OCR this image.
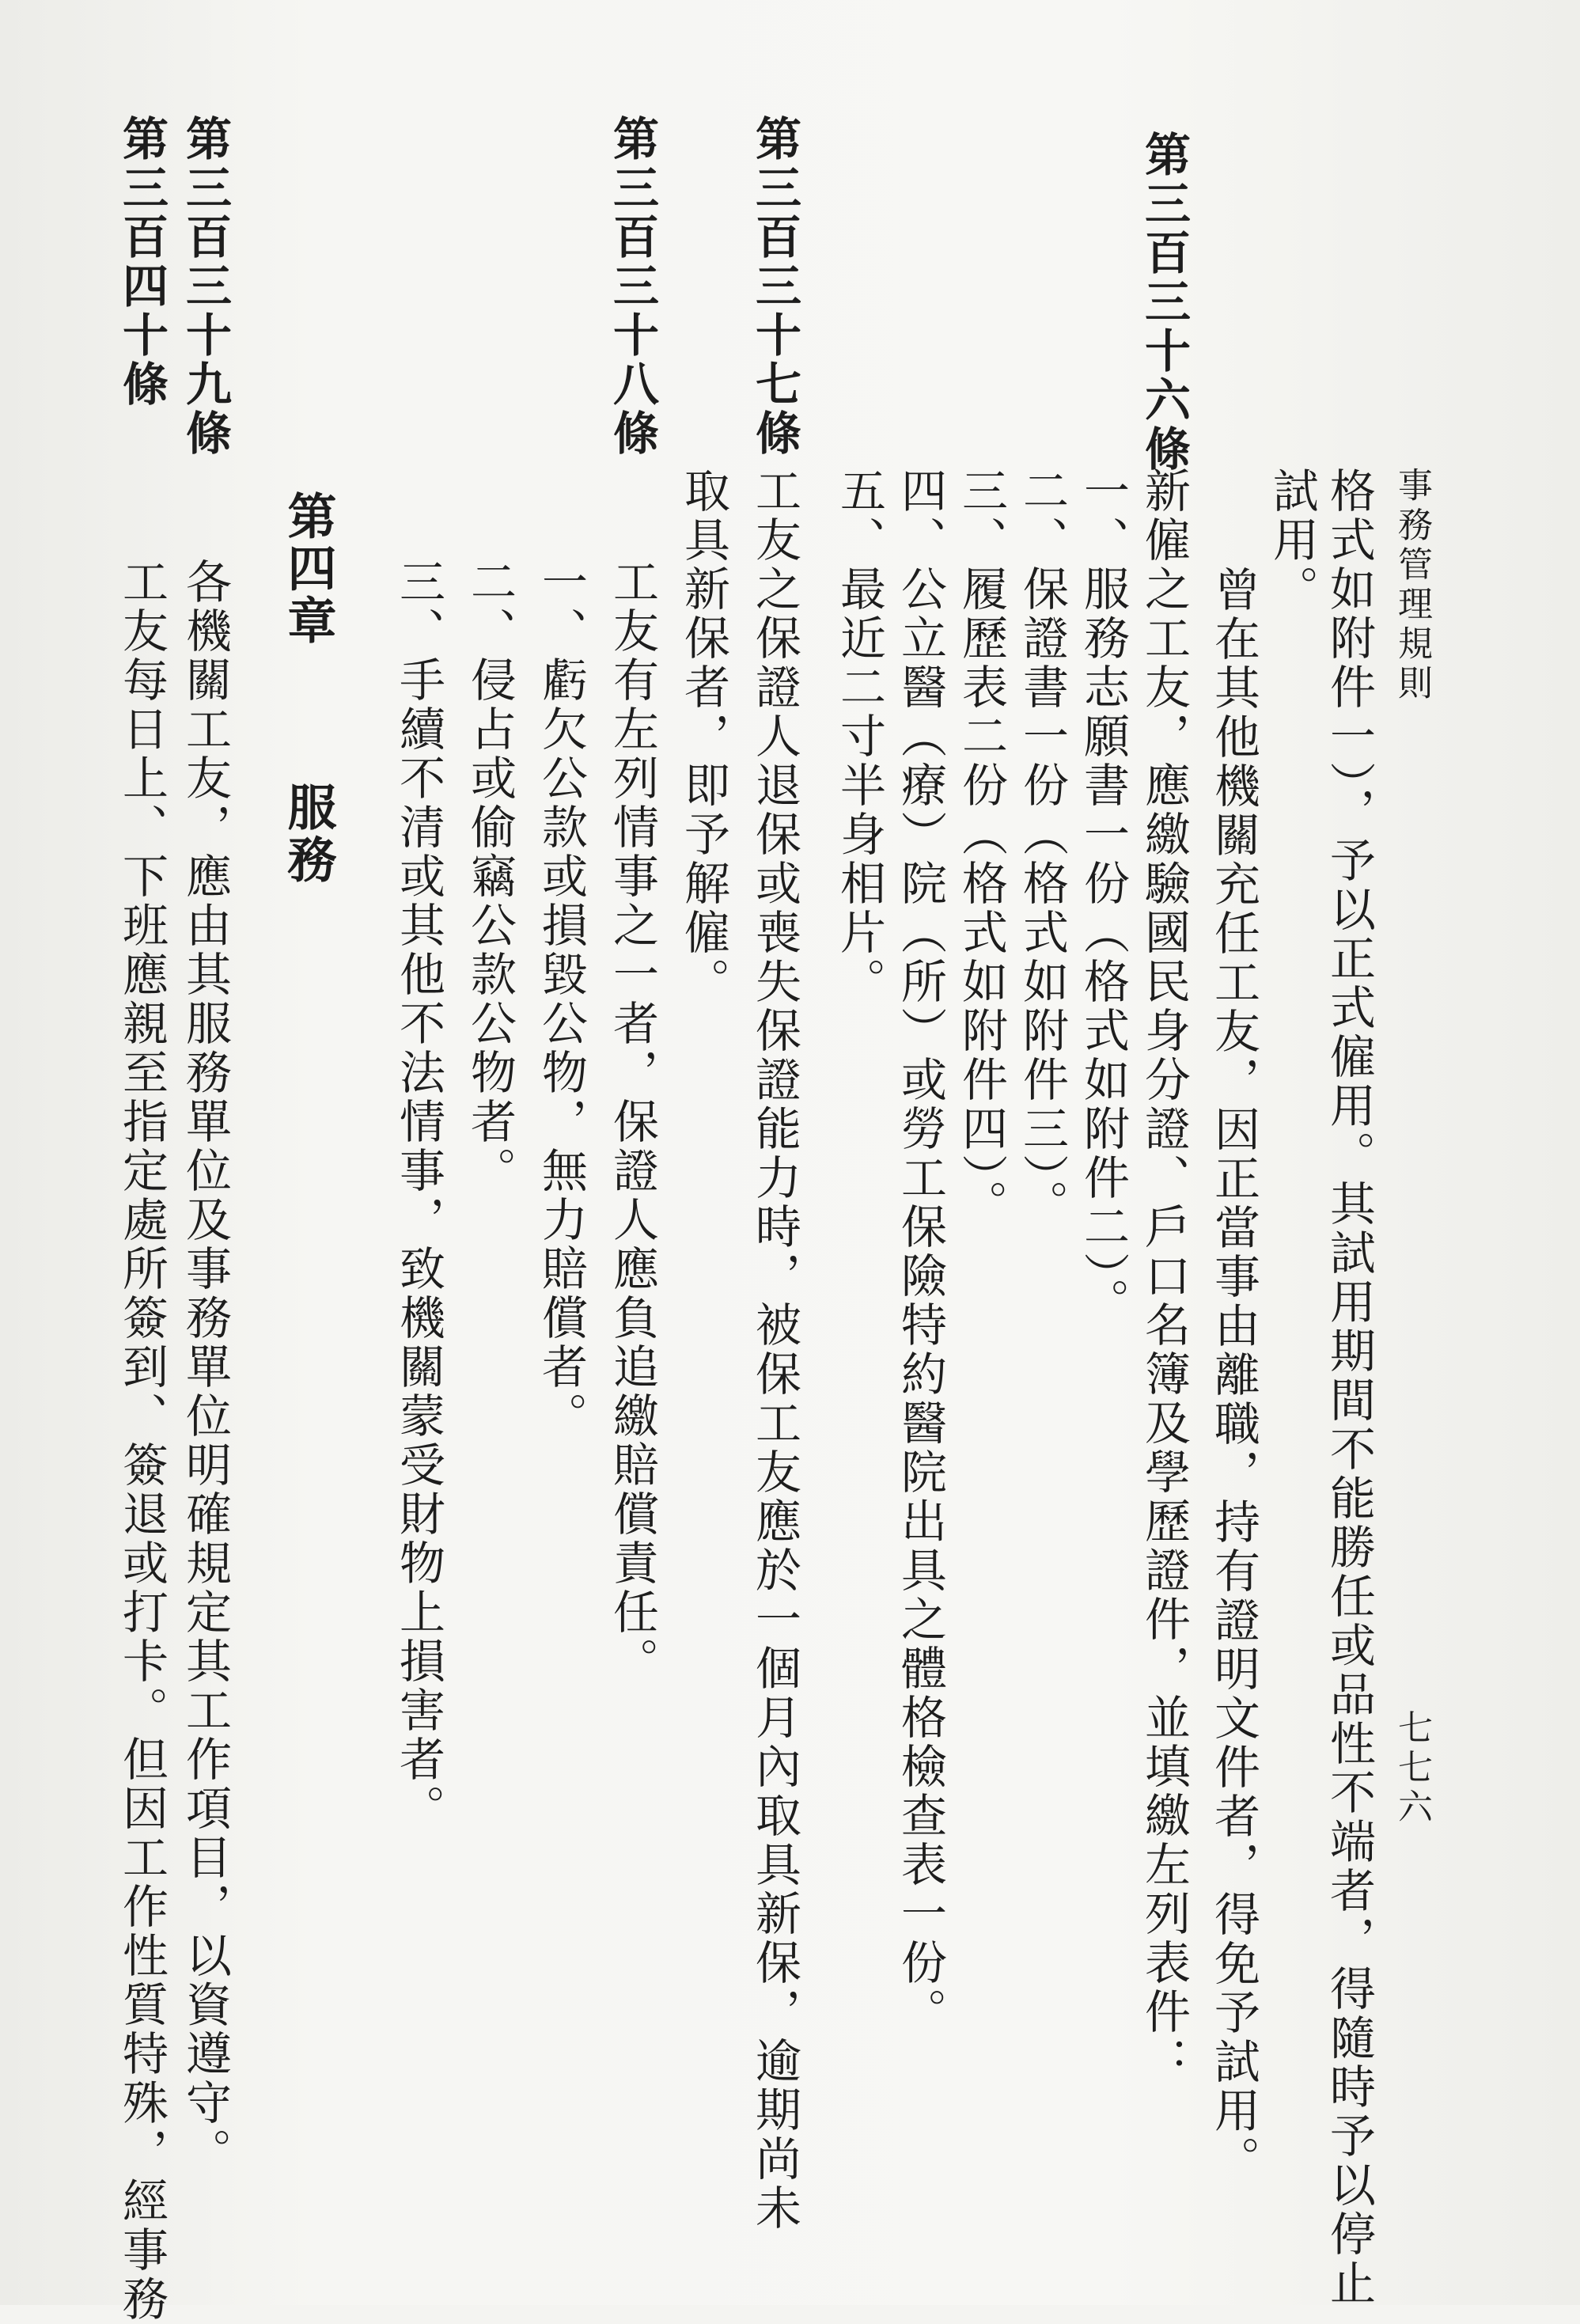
事務管理規則
七七六
格式如附件一），予以正式僱用。其試用期間不能勝任或品性不端者，得隨時予以停止
試用。
曾在其他機關充任工友，因正當事由離職，持有證明文件者，得免予試用。
第三百三十六條
新僱之工友，應繳驗國民身分證、戶口名簿及學歷證件，並填繳左列表件：
一、服務志願書一份（格式如附件二）。
二、保證書一份（格式如附件三）。
三、履歷表二份（格式如附件四）。
四、公立醫（療）院（所）或勞工保險特約醫院出具之體格檢查表一份。
五、最近二寸半身相片。
第三百三十七條
工友之保證人退保或喪失保證能力時，被保工友應於一個月內取具新保，逾期尚未
取具新保者，即予解僱。
第三百三十八條
工友有左列情事之一者，保證人應負追繳賠償責任。
一、虧欠公款或損毀公物，無力賠償者。
二、侵占或偷竊公款公物者。
三、手續不清或其他不法情事，致機關蒙受財物上損害者。
第四章服務
第三百三十九條
各機關工友，應由其服務單位及事務單位明確規定其工作項目，以資遵守。
第三百四十條
工友每日上、下班應親至指定處所簽到、簽退或打卡。但因工作性質特殊，經事務
